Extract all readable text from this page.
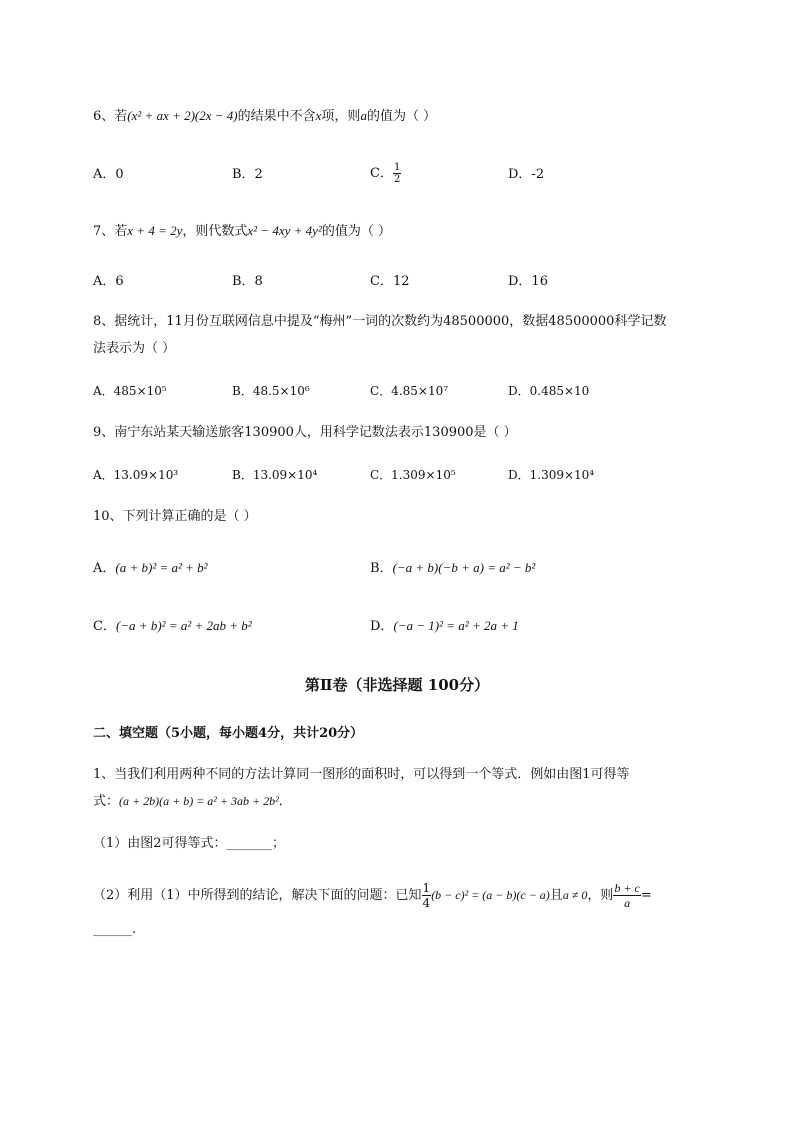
6、若(x² + ax + 2)(2x − 4)的结果中不含x项，则a的值为（ ）
A．0	B．2	C． $\frac{1}{2}$	D．-2
7、若x + 4 = 2y，则代数式x² − 4xy + 4y²的值为（ ）
A．6	B．8	C．12	D．16
8、据统计，11月份互联网信息中提及“梅州”一词的次数约为48500000，数据48500000科学记数
法表示为（ ）
A．485×10⁵	B．48.5×10⁶	C．4.85×10⁷	D．0.485×10
9、南宁东站某天输送旅客130900人，用科学记数法表示130900是（ ）
A．13.09×10³	B．13.09×10⁴	C．1.309×10⁵	D．1.309×10⁴
10、下列计算正确的是（ ）
A．(a + b)² = a² + b²	B．(−a + b)(−b + a) = a² − b²
C．(−a + b)² = a² + 2ab + b²	D．(−a − 1)² = a² + 2a + 1
第Ⅱ卷（非选择题 100分）
二、填空题（5小题，每小题4分，共计20分）
1、当我们利用两种不同的方法计算同一图形的面积时，可以得到一个等式．例如由图1可得等
式：(a + 2b)(a + b) = a² + 3ab + 2b²．
（1）由图2可得等式：_______；
（2）利用（1）中所得到的结论，解决下面的问题：已知 $\frac{1}{4} (b - c)^2 = (a - b)(c - a)$且a ≠ 0，则 $\frac{b + c}{a}$ =
______.
